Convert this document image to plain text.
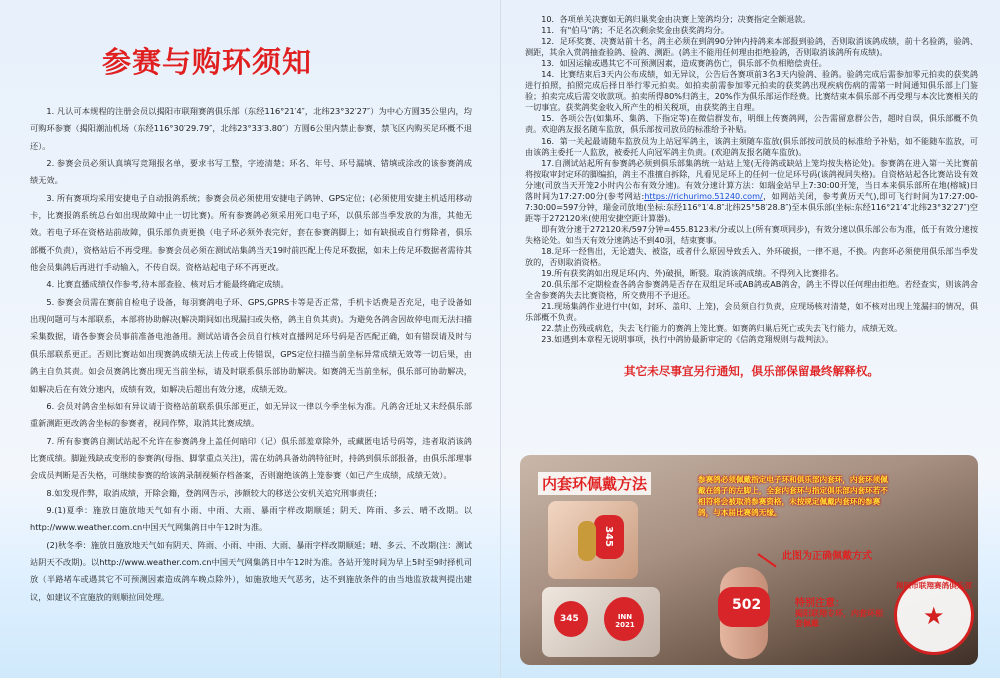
参赛与购环须知

1. 凡认可本规程的注册会员以揭阳市联翔赛鸽俱乐部（东经116°21′4″，北纬23°32′27″）为中心方圆35公里内，均可购环参赛（揭阳潮汕机场（东经116°30′29.79″，北纬23°33′3.80″）方圆6公里内禁止参赛，禁飞区内购买足环概不退还）。

2. 参赛会员必须认真填写竞翔报名单，要求书写工整，字迹清楚；环名、年号、环号漏填、错填或涂改的该参赛鸽成绩无效。

3. 所有赛项均采用安捷电子自动报鸽系统；参赛会员必须使用安捷电子鸽钟、GPS定位；(必须使用安捷主机适用移动卡，比赛报鸽系统总台如出现故障中止一切比赛)。所有参赛鸽必须采用死口电子环，以俱乐部当季发放的为准，其他无效。若电子环在资格站前故障，俱乐部负责更换（电子环必须外表完好，套在参赛鸽脚上；如有缺损或自行剪除者，俱乐部概不负责），资格站后不再受理。参赛会员必须在测试站集鸽当天19时前匹配上传足环数据，如未上传足环数据者需待其他会员集鸽后再进行手动输入，不传自误。资格站起电子环不再更改。

4. 比赛直播成绩仅作参考,待本部查验、核对后才能最终确定成绩。

5. 参赛会员需在赛前自检电子设备，每羽赛鸽电子环、GPS,GPRS卡等是否正常，手机卡话费是否充足，电子设备如出现问题可与本部联系，本部将协助解决(解决期间如出现漏扫或失格，鸽主自负其责)。为避免各鸽舍因故停电而无法扫描采集数据，请各参赛会员事前准备电池备用。测试站请各会员自行核对直播网足环号码是否匹配正确，如有错误请及时与俱乐部联系更正。否则比赛站如出现赛鸽成绩无法上传或上传错误，GPS定位扫描当前坐标异常成绩无效等一切后果，由鸽主自负其责。如会员赛鸽比赛出现无当前坐标，请及时联系俱乐部协助解决。如赛鸽无当前坐标，俱乐部可协助解决，如解决后在有效分速内，成绩有效，如解决后超出有效分速，成绩无效。

6. 会员对鸽舍坐标如有异议请于资格站前联系俱乐部更正，如无异议一律以今季坐标为准。凡鸽舍迁址又未经俱乐部重新测距更改鸽舍坐标的参赛者，视同作弊，取消其比赛成绩。

7. 所有参赛鸽自测试站起不允许在参赛鸽身上盖任何暗印（记）俱乐部羞章除外，或藏匿电话号码等，违者取消该鸽比赛成绩。脚趾残缺或变形的参赛鸽(母指、脚掌重点关注)，需在幼鸽具备幼鸽特征时，持鸽到俱乐部报备，由俱乐部理事会成员判断是否失格，可继续参赛的给该鸽录制视频存档备案，否则谢绝该鸽上笼参赛（如已产生成绩，成绩无效）。

8.如发现作弊，取消成绩，开除会籍，登鸽网告示，涉额较大的移送公安机关追究刑事责任；

9.(1)夏季：施放日施放地天气如有小雨、中雨、大雨、暴雨字样改期顺延；阴天、阵雨、多云、晴不改期。以http://www.weather.com.cn中国天气网集鸽日中午12时为准。

(2)秋冬季：施放日施放地天气如有阴天、阵雨、小雨、中雨、大雨、暴雨字样改期顺延；晴、多云、不改期(注：测试站阴天不改期)。以http://www.weather.com.cn中国天气网集鸽日中午12时为准。各站开笼时间为早上5时至9时择机司放（半路堵车或遇其它不可预测因素造成鸽车晚点除外），如施放地天气恶劣，达不到施放条件的由当地监放裁判提出建议，如建议不宜施放的则顺拉回处理。

10．各项单关决赛如无鸽归巢奖金由决赛上笼鸽均分；决赛指定全额退款。

11．有"伯马"鸽；不足名次剩余奖金由获奖鸽均分。

12．足环奖赛、决赛站前十名，鸽主必须在到鸽90分钟内持鸽来本部报到验鸽，否则取消该鸽成绩，前十名验鸽，验鸽、测距，其余入赏鸽抽查验鸽、验鸽、测距。(鸽主不能用任何理由拒绝验鸽，否则取消该鸽所有成绩)。

13．如因运输或遇其它不可预测因素，造成赛鸽伤亡，俱乐部不负相赔偿责任。

14．比赛结束后3天内公布成绩，如无异议，公告后各赛项前3名3天内验鸽、验鸽。验鸽完成后需参加零元拍卖的获奖鸽进行拍照，拍照完成后择日举行零元拍卖。如拍卖前需参加零元拍卖的获奖鸽出现疾病伤病的需第一时间通知俱乐部上门鉴验；拍卖完成后需交收款项。拍卖所得80%归鸽主，20%作为俱乐部运作经费。比赛结束本俱乐部不再受理与本次比赛相关的一切事宜。获奖鸽奖金收入所产生的相关税项，由获奖鸽主自理。

15．各项公告(如集环、集鸽、下指定等)在微信群发布，明细上传赛鸽网，公告需留意群公告，超时自误，俱乐部概不负责。欢迎鸽友报名随车监放，俱乐部按司放员的标准给予补贴。

16．第一关起最请随车监放员为上站冠军鸽主，该鸽主须随车监放(俱乐部按司放员的标准给予补贴，如不能随车监放，可由该鸽主委托一人监放，被委托人向冠军鸽主负责。(欢迎鸽友报名随车监放)。

17.自测试站起所有参赛鸽必须到俱乐部集鸽统一站站上笼(无待鸽或缺站上笼均按失格论处)。参赛鸽在进入第一关比赛前将按取审封定环的脚编拍，鸽主不准擅自拆除，凡看见足环上的任何一位足环号码(该鸽视同失格)。自资格站起各比赛站设有效分速(司放当天开笼2小时内公布有效分速)。有效分速计算方法：如瑞金站早上7:30:00开笼，当日本来俱乐部所在地(榕城)日落时间为17:27:00分(参考网站:https://richurimo.51240.com/，如网站关闭，参考黄历天气),即可飞行时间为17:27:00-7:30:00=597分钟，瑞金司放地(坐标:东经116°1′4.8″北纬25°58′28.8″)至本俱乐部(坐标:东经116°21′4″北纬23°32′27″)空距等于272120米(使用安捷空距计算器)。

即有效分速于272120米/597分钟=455.8123米/分或以上(所有赛项同步)，有效分速以俱乐部公布为准，低于有效分速按失格论处。如当天有效分速鸽达不到40羽，结束赛事。

18.足环一经售出，无论遗失、被盗，或者什么原因导致丢入、外环破损，一律不退，不换。内套环必须使用俱乐部当季发放的，否则取消资格。

19.所有获奖鸽如出现足环(内、外)破损，断裂。取消该鸽成绩。不得列入比赛排名。

20.俱乐部不定期检查各鸽舍参赛鸽是否存在双组足环或AB鸽或AB鸽舍，鸽主不得以任何理由拒绝。若经查实，则该鸽舍全舍参赛鸽失去比赛资格，所交费用不予退还。

21.现场集鸽作业进行中(如，封环、盖印、上笼)，会员须自行负责，应现场核对清楚，如不核对出现上笼漏扫的情况，俱乐部概不负责。

22.禁止伤残或病危，失去飞行能力的赛鸽上笼比赛。如赛鸽归巢后死亡或失去飞行能力，成绩无效。

23.如遇到本章程无说明事项，执行中鸽协最新审定的《信鸽竞翔规则与裁判法》。

其它未尽事宜另行通知，俱乐部保留最终解释权。

内套环佩戴方法	参赛鸽必须佩戴指定电子环和俱乐部内套环，内套环须佩戴在鸽子的左脚上，全套内套环与指定俱乐部内套环若不相符将会被取消参赛资格，未按规定佩戴内套环的参赛鸽，与本届比赛鸽无缘。
345
345	INN 2021
502
此图为正确佩戴方式
特别注意：
揭阳联翔专环，内套环相套佩戴
揭阳市联翔赛鸽俱乐部
★
